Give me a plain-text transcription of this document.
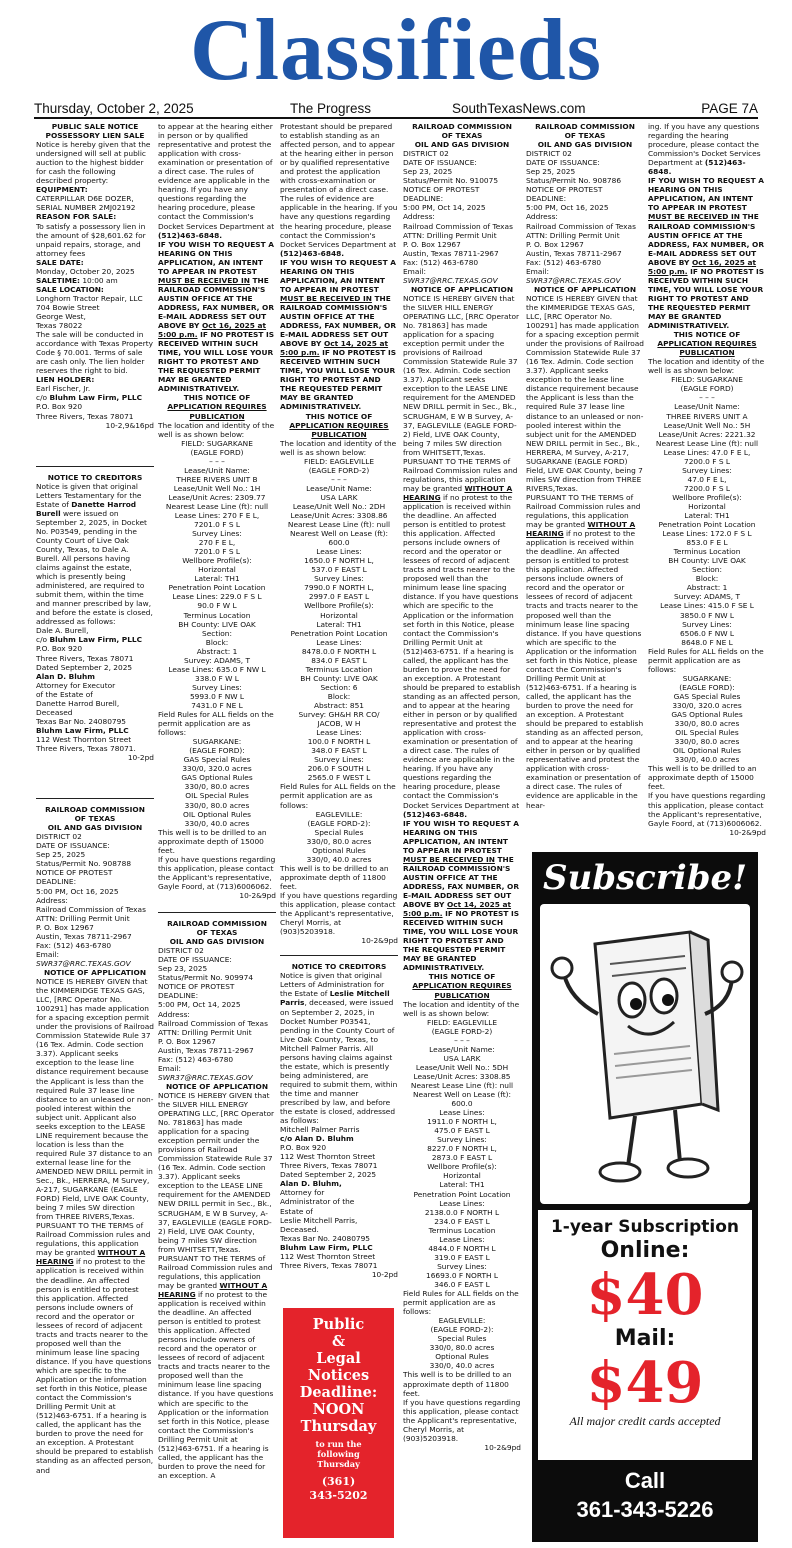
Classifieds
Thursday, October 2, 2025	The Progress	SouthTexasNews.com	PAGE 7A
PUBLIC SALE NOTICE
POSSESSORY LIEN SALE

Notice is hereby given that the undersigned will sell at public auction to the highest bidder for cash the following described property:

EQUIPMENT:

CATERPILLAR D6E DOZER, SERIAL NUMBER 2MJ02192

REASON FOR SALE:

To satisfy a possessory lien in the amount of $28,601.62 for unpaid repairs, storage, and attorney fees

SALE DATE:

Monday, October 20, 2025

SALETIME: 10:00 am

SALE LOCATION:

Longhorn Tractor Repair, LLC

704 Bowie Street

George West,

Texas 78022

The sale will be conducted in accordance with Texas Property Code § 70.001. Terms of sale are cash only. The lien holder reserves the right to bid.

LIEN HOLDER:

Earl Fischer, Jr.

c/o Bluhm Law Firm, PLLC

P.O. Box 920

Three Rivers, Texas 78071

10-2,9&16pd
NOTICE TO CREDITORS

Notice is given that original Letters Testamentary for the Estate of Danette Harrod Burell were issued on September 2, 2025, in Docket No. P03549, pending in the County Court of Live Oak County, Texas, to Dale A. Burell. All persons having claims against the estate, which is presently being administered, are required to submit them, within the time and manner prescribed by law, and before the estate is closed, addressed as follows:

Dale A. Burell,

c/o Bluhm Law Firm, PLLC

P.O. Box 920

Three Rivers, Texas 78071

Dated September 2, 2025

Alan D. Bluhm

Attorney for Executor

of the Estate of

Danette Harrod Burell,

Deceased

Texas Bar No. 24080795

Bluhm Law Firm, PLLC

112 West Thornton Street

Three Rivers, Texas 78071.

10-2pd
RAILROAD COMMISSION
OF TEXAS
OIL AND GAS DIVISION

DISTRICT 02

DATE OF ISSUANCE:

Sep 25, 2025

Status/Permit No. 908788

NOTICE OF PROTEST

DEADLINE:

5:00 PM, Oct 16, 2025

Address:

Railroad Commission of Texas

ATTN: Drilling Permit Unit

P. O. Box 12967

Austin, Texas 78711-2967

Fax: (512) 463-6780

Email:

SWR37@RRC.TEXAS.GOV

NOTICE OF APPLICATION

NOTICE IS HEREBY GIVEN that the KIMMERIDGE TEXAS GAS, LLC, [RRC Operator No. 100291] has made application for a spacing exception permit under the provisions of Railroad Commission Statewide Rule 37 (16 Tex. Admin. Code section 3.37). Applicant seeks exception to the lease line distance requirement because the Applicant is less than the required Rule 37 lease line distance to an unleased or non-pooled interest within the subject unit. Applicant also seeks exception to the LEASE LINE requirement because the location is less than the required Rule 37 distance to an external lease line for the AMENDED NEW DRILL permit in Sec., Bk., HERRERA, M Survey, A-217, SUGARKANE (EAGLE FORD) Field, LIVE OAK County, being 7 miles SW direction from THREE RIVERS,Texas.

PURSUANT TO THE TERMS of Railroad Commission rules and regulations, this application may be granted WITHOUT A HEARING if no protest to the application is received within the deadline. An affected person is entitled to protest this application. Affected persons include owners of record and the operator or lessees of record of adjacent tracts and tracts nearer to the proposed well than the minimum lease line spacing distance. If you have questions which are specific to the Application or the information set forth in this Notice, please contact the Commission's Drilling Permit Unit at (512)463-6751. If a hearing is called, the applicant has the burden to prove the need for an exception. A Protestant should be prepared to establish standing as an affected person, and

to appear at the hearing either in person or by qualified representative and protest the application with cross-examination or presentation of a direct case. The rules of evidence are applicable in the hearing. If you have any questions regarding the hearing procedure, please contact the Commission's Docket Services Department at (512)463-6848.

IF YOU WISH TO REQUEST A HEARING ON THIS APPLICATION, AN INTENT TO APPEAR IN PROTEST MUST BE RECEIVED IN THE RAILROAD COMMISSION'S AUSTIN OFFICE AT THE ADDRESS, FAX NUMBER, OR E-MAIL ADDRESS SET OUT ABOVE BY Oct 16, 2025 at 5:00 p.m. IF NO PROTEST IS RECEIVED WITHIN SUCH TIME, YOU WILL LOSE YOUR RIGHT TO PROTEST AND THE REQUESTED PERMIT MAY BE GRANTED ADMINISTRATIVELY.

THIS NOTICE OF
APPLICATION REQUIRES
PUBLICATION

The location and identity of the well is as shown below:

FIELD: SUGARKANE

(EAGLE FORD)

– – –

Lease/Unit Name:

THREE RIVERS UNIT B

Lease/Unit Well No.: 1H

Lease/Unit Acres: 2309.77

Nearest Lease Line (ft): null

Lease Lines: 270 F E L,

7201.0 F S L

Survey Lines:

270 F E L,

7201.0 F S L

Wellbore Profile(s):

Horizontal

Lateral: TH1

Penetration Point Location

Lease Lines: 229.0 F S L

90.0 F W L

Terminus Location

BH County: LIVE OAK

Section:

Block:

Abstract: 1

Survey: ADAMS, T

Lease Lines: 635.0 F NW L

338.0 F W L

Survey Lines:

5993.0 F NW L

7431.0 F NE L

Field Rules for ALL fields on the permit application are as follows:

SUGARKANE:

(EAGLE FORD):

GAS Special Rules

330/0, 320.0 acres

GAS Optional Rules

330/0, 80.0 acres

OIL Special Rules

330/0, 80.0 acres

OIL Optional Rules

330/0, 40.0 acres

This well is to be drilled to an approximate depth of 15000 feet.

If you have questions regarding this application, please contact the Applicant's representative, Gayle Foord, at (713)6006062.

10-2&9pd
RAILROAD COMMISSION
OF TEXAS
OIL AND GAS DIVISION

DISTRICT 02

DATE OF ISSUANCE:

Sep 23, 2025

Status/Permit No. 909974

NOTICE OF PROTEST

DEADLINE:

5:00 PM, Oct 14, 2025

Address:

Railroad Commission of Texas

ATTN: Drilling Permit Unit

P. O. Box 12967

Austin, Texas 78711-2967

Fax: (512) 463-6780

Email:

SWR37@RRC.TEXAS.GOV

NOTICE OF APPLICATION

NOTICE IS HEREBY GIVEN that the SILVER HILL ENERGY OPERATING LLC, [RRC Operator No. 781863] has made application for a spacing exception permit under the provisions of Railroad Commission Statewide Rule 37 (16 Tex. Admin. Code section 3.37). Applicant seeks exception to the LEASE LINE requirement for the AMENDED NEW DRILL permit in Sec., Bk., SCRUGHAM, E W B Survey, A-37, EAGLEVILLE (EAGLE FORD-2) Field, LIVE OAK County, being 7 miles SW direction from WHITSETT,Texas.

PURSUANT TO THE TERMS of Railroad Commission rules and regulations, this application may be granted WITHOUT A HEARING if no protest to the application is received within the deadline. An affected person is entitled to protest this application. Affected persons include owners of record and the operator or lessees of record of adjacent tracts and tracts nearer to the proposed well than the minimum lease line spacing distance. If you have questions which are specific to the Application or the information set forth in this Notice, please contact the Commission's Drilling Permit Unit at (512)463-6751. If a hearing is called, the applicant has the burden to prove the need for an exception. A

Protestant should be prepared to establish standing as an affected person, and to appear at the hearing either in person or by qualified representative and protest the application with cross-examination or presentation of a direct case. The rules of evidence are applicable in the hearing. If you have any questions regarding the hearing procedure, please contact the Commission's Docket Services Department at (512)463-6848.

IF YOU WISH TO REQUEST A HEARING ON THIS APPLICATION, AN INTENT TO APPEAR IN PROTEST MUST BE RECEIVED IN THE RAILROAD COMMISSION'S AUSTIN OFFICE AT THE ADDRESS, FAX NUMBER, OR E-MAIL ADDRESS SET OUT ABOVE BY Oct 14, 2025 at 5:00 p.m. IF NO PROTEST IS RECEIVED WITHIN SUCH TIME, YOU WILL LOSE YOUR RIGHT TO PROTEST AND THE REQUESTED PERMIT MAY BE GRANTED ADMINISTRATIVELY.

THIS NOTICE OF
APPLICATION REQUIRES
PUBLICATION

The location and identity of the well is as shown below:

FIELD: EAGLEVILLE

(EAGLE FORD-2)

– – –

Lease/Unit Name:

USA LARK

Lease/Unit Well No.: 2DH

Lease/Unit Acres: 3308.86

Nearest Lease Line (ft): null

Nearest Well on Lease (ft):

600.0

Lease Lines:

1650.0 F NORTH L,

537.0 F EAST L

Survey Lines:

7990.0 F NORTH L,

2997.0 F EAST L

Wellbore Profile(s):

Horizontal

Lateral: TH1

Penetration Point Location

Lease Lines:

8478.0.0 F NORTH L

834.0 F EAST L

Terminus Location

BH County: LIVE OAK

Section: 6

Block:

Abstract: 851

Survey: GH&H RR CO/

JACOB, W H

Lease Lines:

100.0 F NORTH L

348.0 F EAST L

Survey Lines:

206.0 F SOUTH L

2565.0 F WEST L

Field Rules for ALL fields on the permit application are as follows:

EAGLEVILLE:

(EAGLE FORD-2):

Special Rules

330/0, 80.0 acres

Optional Rules

330/0, 40.0 acres

This well is to be drilled to an approximate depth of 11800 feet.

If you have questions regarding this application, please contact the Applicant's representative, Cheryl Morris, at (903)5203918.

10-2&9pd
NOTICE TO CREDITORS

Notice is given that original Letters of Administration for the Estate of Leslie Mitchell Parris, deceased, were issued on September 2, 2025, in Docket Number P03541, pending in the County Court of Live Oak County, Texas, to Mitchell Palmer Parris. All persons having claims against the estate, which is presently being administered, are required to submit them, within the time and manner prescribed by law, and before the estate is closed, addressed as follows:

Mitchell Palmer Parris

c/o Alan D. Bluhm

P.O. Box 920

112 West Thornton Street

Three Rivers, Texas 78071

Dated September 2, 2025

Alan D. Bluhm,

Attorney for

Administrator of the

Estate of

Leslie Mitchell Parris,

Deceased.

Texas Bar No. 24080795

Bluhm Law Firm, PLLC

112 West Thornton Street

Three Rivers, Texas 78071

10-2pd
Public
&
Legal
Notices
Deadline:
NOON
Thursday
to run the
following
Thursday
(361)
343-5202
RAILROAD COMMISSION
OF TEXAS
OIL AND GAS DIVISION

DISTRICT 02

DATE OF ISSUANCE:

Sep 23, 2025

Status/Permit No. 910075

NOTICE OF PROTEST

DEADLINE:

5:00 PM, Oct 14, 2025

Address:

Railroad Commission of Texas

ATTN: Drilling Permit Unit

P. O. Box 12967

Austin, Texas 78711-2967

Fax: (512) 463-6780

Email:

SWR37@RRC.TEXAS.GOV

NOTICE OF APPLICATION

NOTICE IS HEREBY GIVEN that the SILVER HILL ENERGY OPERATING LLC, [RRC Operator No. 781863] has made application for a spacing exception permit under the provisions of Railroad Commission Statewide Rule 37 (16 Tex. Admin. Code section 3.37). Applicant seeks exception to the LEASE LINE requirement for the AMENDED NEW DRILL permit in Sec., Bk., SCRUGHAM, E W B Survey, A-37, EAGLEVILLE (EAGLE FORD-2) Field, LIVE OAK County, being 7 miles SW direction from WHITSETT,Texas.

PURSUANT TO THE TERMS of Railroad Commission rules and regulations, this application may be granted WITHOUT A HEARING if no protest to the application is received within the deadline. An affected person is entitled to protest this application. Affected persons include owners of record and the operator or lessees of record of adjacent tracts and tracts nearer to the proposed well than the minimum lease line spacing distance. If you have questions which are specific to the Application or the information set forth in this Notice, please contact the Commission's Drilling Permit Unit at (512)463-6751. If a hearing is called, the applicant has the burden to prove the need for an exception. A Protestant should be prepared to establish standing as an affected person, and to appear at the hearing either in person or by qualified representative and protest the application with cross-examination or presentation of a direct case. The rules of evidence are applicable in the hearing. If you have any questions regarding the hearing procedure, please contact the Commission's Docket Services Department at (512)463-6848.

IF YOU WISH TO REQUEST A HEARING ON THIS APPLICATION, AN INTENT TO APPEAR IN PROTEST MUST BE RECEIVED IN THE RAILROAD COMMISSION'S AUSTIN OFFICE AT THE ADDRESS, FAX NUMBER, OR E-MAIL ADDRESS SET OUT ABOVE BY Oct 14, 2025 at 5:00 p.m. IF NO PROTEST IS RECEIVED WITHIN SUCH TIME, YOU WILL LOSE YOUR RIGHT TO PROTEST AND THE REQUESTED PERMIT MAY BE GRANTED ADMINISTRATIVELY.

THIS NOTICE OF
APPLICATION REQUIRES
PUBLICATION

The location and identity of the well is as shown below:

FIELD: EAGLEVILLE

(EAGLE FORD-2)

– – –

Lease/Unit Name:

USA LARK

Lease/Unit Well No.: 5DH

Lease/Unit Acres: 3308.85

Nearest Lease Line (ft): null

Nearest Well on Lease (ft):

600.0

Lease Lines:

1911.0 F NORTH L,

475.0 F EAST L

Survey Lines:

8227.0 F NORTH L,

2873.0 F EAST L

Wellbore Profile(s):

Horizontal

Lateral: TH1

Penetration Point Location

Lease Lines:

2138.0.0 F NORTH L

234.0 F EAST L

Terminus Location

Lease Lines:

4844.0 F NORTH L

319.0 F EAST L

Survey Lines:

16693.0 F NORTH L

346.0 F EAST L

Field Rules for ALL fields on the permit application are as follows:

EAGLEVILLE:

(EAGLE FORD-2):

Special Rules

330/0, 80.0 acres

Optional Rules

330/0, 40.0 acres

This well is to be drilled to an approximate depth of 11800 feet.

If you have questions regarding this application, please contact the Applicant's representative, Cheryl Morris, at (903)5203918.

10-2&9pd
RAILROAD COMMISSION
OF TEXAS
OIL AND GAS DIVISION

DISTRICT 02

DATE OF ISSUANCE:

Sep 25, 2025

Status/Permit No. 908786

NOTICE OF PROTEST

DEADLINE:

5:00 PM, Oct 16, 2025

Address:

Railroad Commission of Texas

ATTN: Drilling Permit Unit

P. O. Box 12967

Austin, Texas 78711-2967

Fax: (512) 463-6780

Email:

SWR37@RRC.TEXAS.GOV

NOTICE OF APPLICATION

NOTICE IS HEREBY GIVEN that the KIMMERIDGE TEXAS GAS, LLC, [RRC Operator No. 100291] has made application for a spacing exception permit under the provisions of Railroad Commission Statewide Rule 37 (16 Tex. Admin. Code section 3.37). Applicant seeks exception to the lease line distance requirement because the Applicant is less than the required Rule 37 lease line distance to an unleased or non-pooled interest within the subject unit for the AMENDED NEW DRILL permit in Sec., Bk., HERRERA, M Survey, A-217, SUGARKANE (EAGLE FORD) Field, LIVE OAK County, being 7 miles SW direction from THREE RIVERS,Texas.

PURSUANT TO THE TERMS of Railroad Commission rules and regulations, this application may be granted WITHOUT A HEARING if no protest to the application is received within the deadline. An affected person is entitled to protest this application. Affected persons include owners of record and the operator or lessees of record of adjacent tracts and tracts nearer to the proposed well than the minimum lease line spacing distance. If you have questions which are specific to the Application or the information set forth in this Notice, please contact the Commission's Drilling Permit Unit at (512)463-6751. If a hearing is called, the applicant has the burden to prove the need for an exception. A Protestant should be prepared to establish standing as an affected person, and to appear at the hearing either in person or by qualified representative and protest the application with cross-examination or presentation of a direct case. The rules of evidence are applicable in the hear-

ing. If you have any questions regarding the hearing procedure, please contact the Commission's Docket Services Department at (512)463-6848.

IF YOU WISH TO REQUEST A HEARING ON THIS APPLICATION, AN INTENT TO APPEAR IN PROTEST MUST BE RECEIVED IN THE RAILROAD COMMISSION'S AUSTIN OFFICE AT THE ADDRESS, FAX NUMBER, OR E-MAIL ADDRESS SET OUT ABOVE BY Oct 16, 2025 at 5:00 p.m. IF NO PROTEST IS RECEIVED WITHIN SUCH TIME, YOU WILL LOSE YOUR RIGHT TO PROTEST AND THE REQUESTED PERMIT MAY BE GRANTED ADMINISTRATIVELY.

THIS NOTICE OF
APPLICATION REQUIRES
PUBLICATION

The location and identity of the well is as shown below:

FIELD: SUGARKANE

(EAGLE FORD)

– – –

Lease/Unit Name:

THREE RIVERS UNIT A

Lease/Unit Well No.: 5H

Lease/Unit Acres: 2221.32

Nearest Lease Line (ft): null

Lease Lines: 47.0 F E L,

7200.0 F S L

Survey Lines:

47.0 F E L,

7200.0 F S L

Wellbore Profile(s):

Horizontal

Lateral: TH1

Penetration Point Location

Lease Lines: 172.0 F S L

853.0 F E L

Terminus Location

BH County: LIVE OAK

Section:

Block:

Abstract: 1

Survey: ADAMS, T

Lease Lines: 415.0 F SE L

3850.0 F NW L

Survey Lines:

6506.0 F NW L

8648.0 F NE L

Field Rules for ALL fields on the permit application are as follows:

SUGARKANE:

(EAGLE FORD):

GAS Special Rules

330/0, 320.0 acres

GAS Optional Rules

330/0, 80.0 acres

OIL Special Rules

330/0, 80.0 acres

OIL Optional Rules

330/0, 40.0 acres

This well is to be drilled to an approximate depth of 15000 feet.

If you have questions regarding this application, please contact the Applicant's representative, Gayle Foord, at (713)6006062.

10-2&9pd
Subscribe!
1-year Subscription
Online:
$40
Mail:
$49
All major credit cards accepted
Call
361-343-5226
